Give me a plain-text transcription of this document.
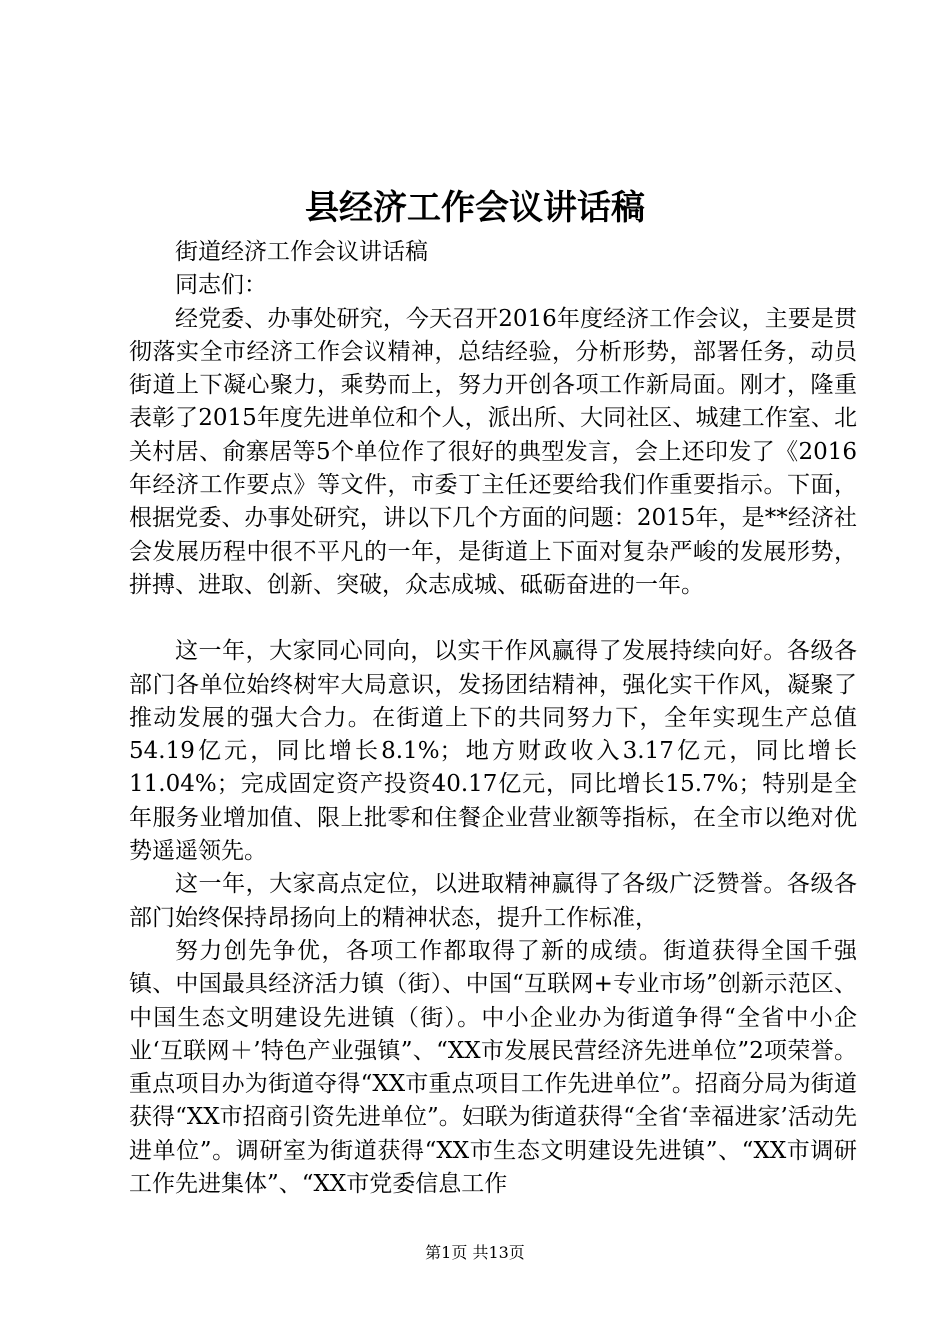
县经济工作会议讲话稿

街道经济工作会议讲话稿

同志们：

经党委、办事处研究，今天召开2016年度经济工作会议，主要是贯彻落实全市经济工作会议精神，总结经验，分析形势，部署任务，动员街道上下凝心聚力，乘势而上，努力开创各项工作新局面。刚才，隆重表彰了2015年度先进单位和个人，派出所、大同社区、城建工作室、北关村居、俞寨居等5个单位作了很好的典型发言，会上还印发了《2016年经济工作要点》等文件，市委丁主任还要给我们作重要指示。下面，根据党委、办事处研究，讲以下几个方面的问题：2015年，是**经济社会发展历程中很不平凡的一年，是街道上下面对复杂严峻的发展形势，拼搏、进取、创新、突破，众志成城、砥砺奋进的一年。

这一年，大家同心同向，以实干作风赢得了发展持续向好。各级各部门各单位始终树牢大局意识，发扬团结精神，强化实干作风，凝聚了推动发展的强大合力。在街道上下的共同努力下，全年实现生产总值54.19亿元，同比增长8.1%；地方财政收入3.17亿元，同比增长11.04%；完成固定资产投资40.17亿元，同比增长15.7%；特别是全年服务业增加值、限上批零和住餐企业营业额等指标，在全市以绝对优势遥遥领先。

这一年，大家高点定位，以进取精神赢得了各级广泛赞誉。各级各部门始终保持昂扬向上的精神状态，提升工作标准，

努力创先争优，各项工作都取得了新的成绩。街道获得全国千强镇、中国最具经济活力镇（街）、中国“互联网+专业市场”创新示范区、中国生态文明建设先进镇（街）。中小企业办为街道争得“全省中小企业‘互联网＋’特色产业强镇”、“XX市发展民营经济先进单位”2项荣誉。重点项目办为街道夺得“XX市重点项目工作先进单位”。招商分局为街道获得“XX市招商引资先进单位”。妇联为街道获得“全省‘幸福进家’活动先进单位”。调研室为街道获得“XX市生态文明建设先进镇”、“XX市调研工作先进集体”、“XX市党委信息工作

第1页 共13页
